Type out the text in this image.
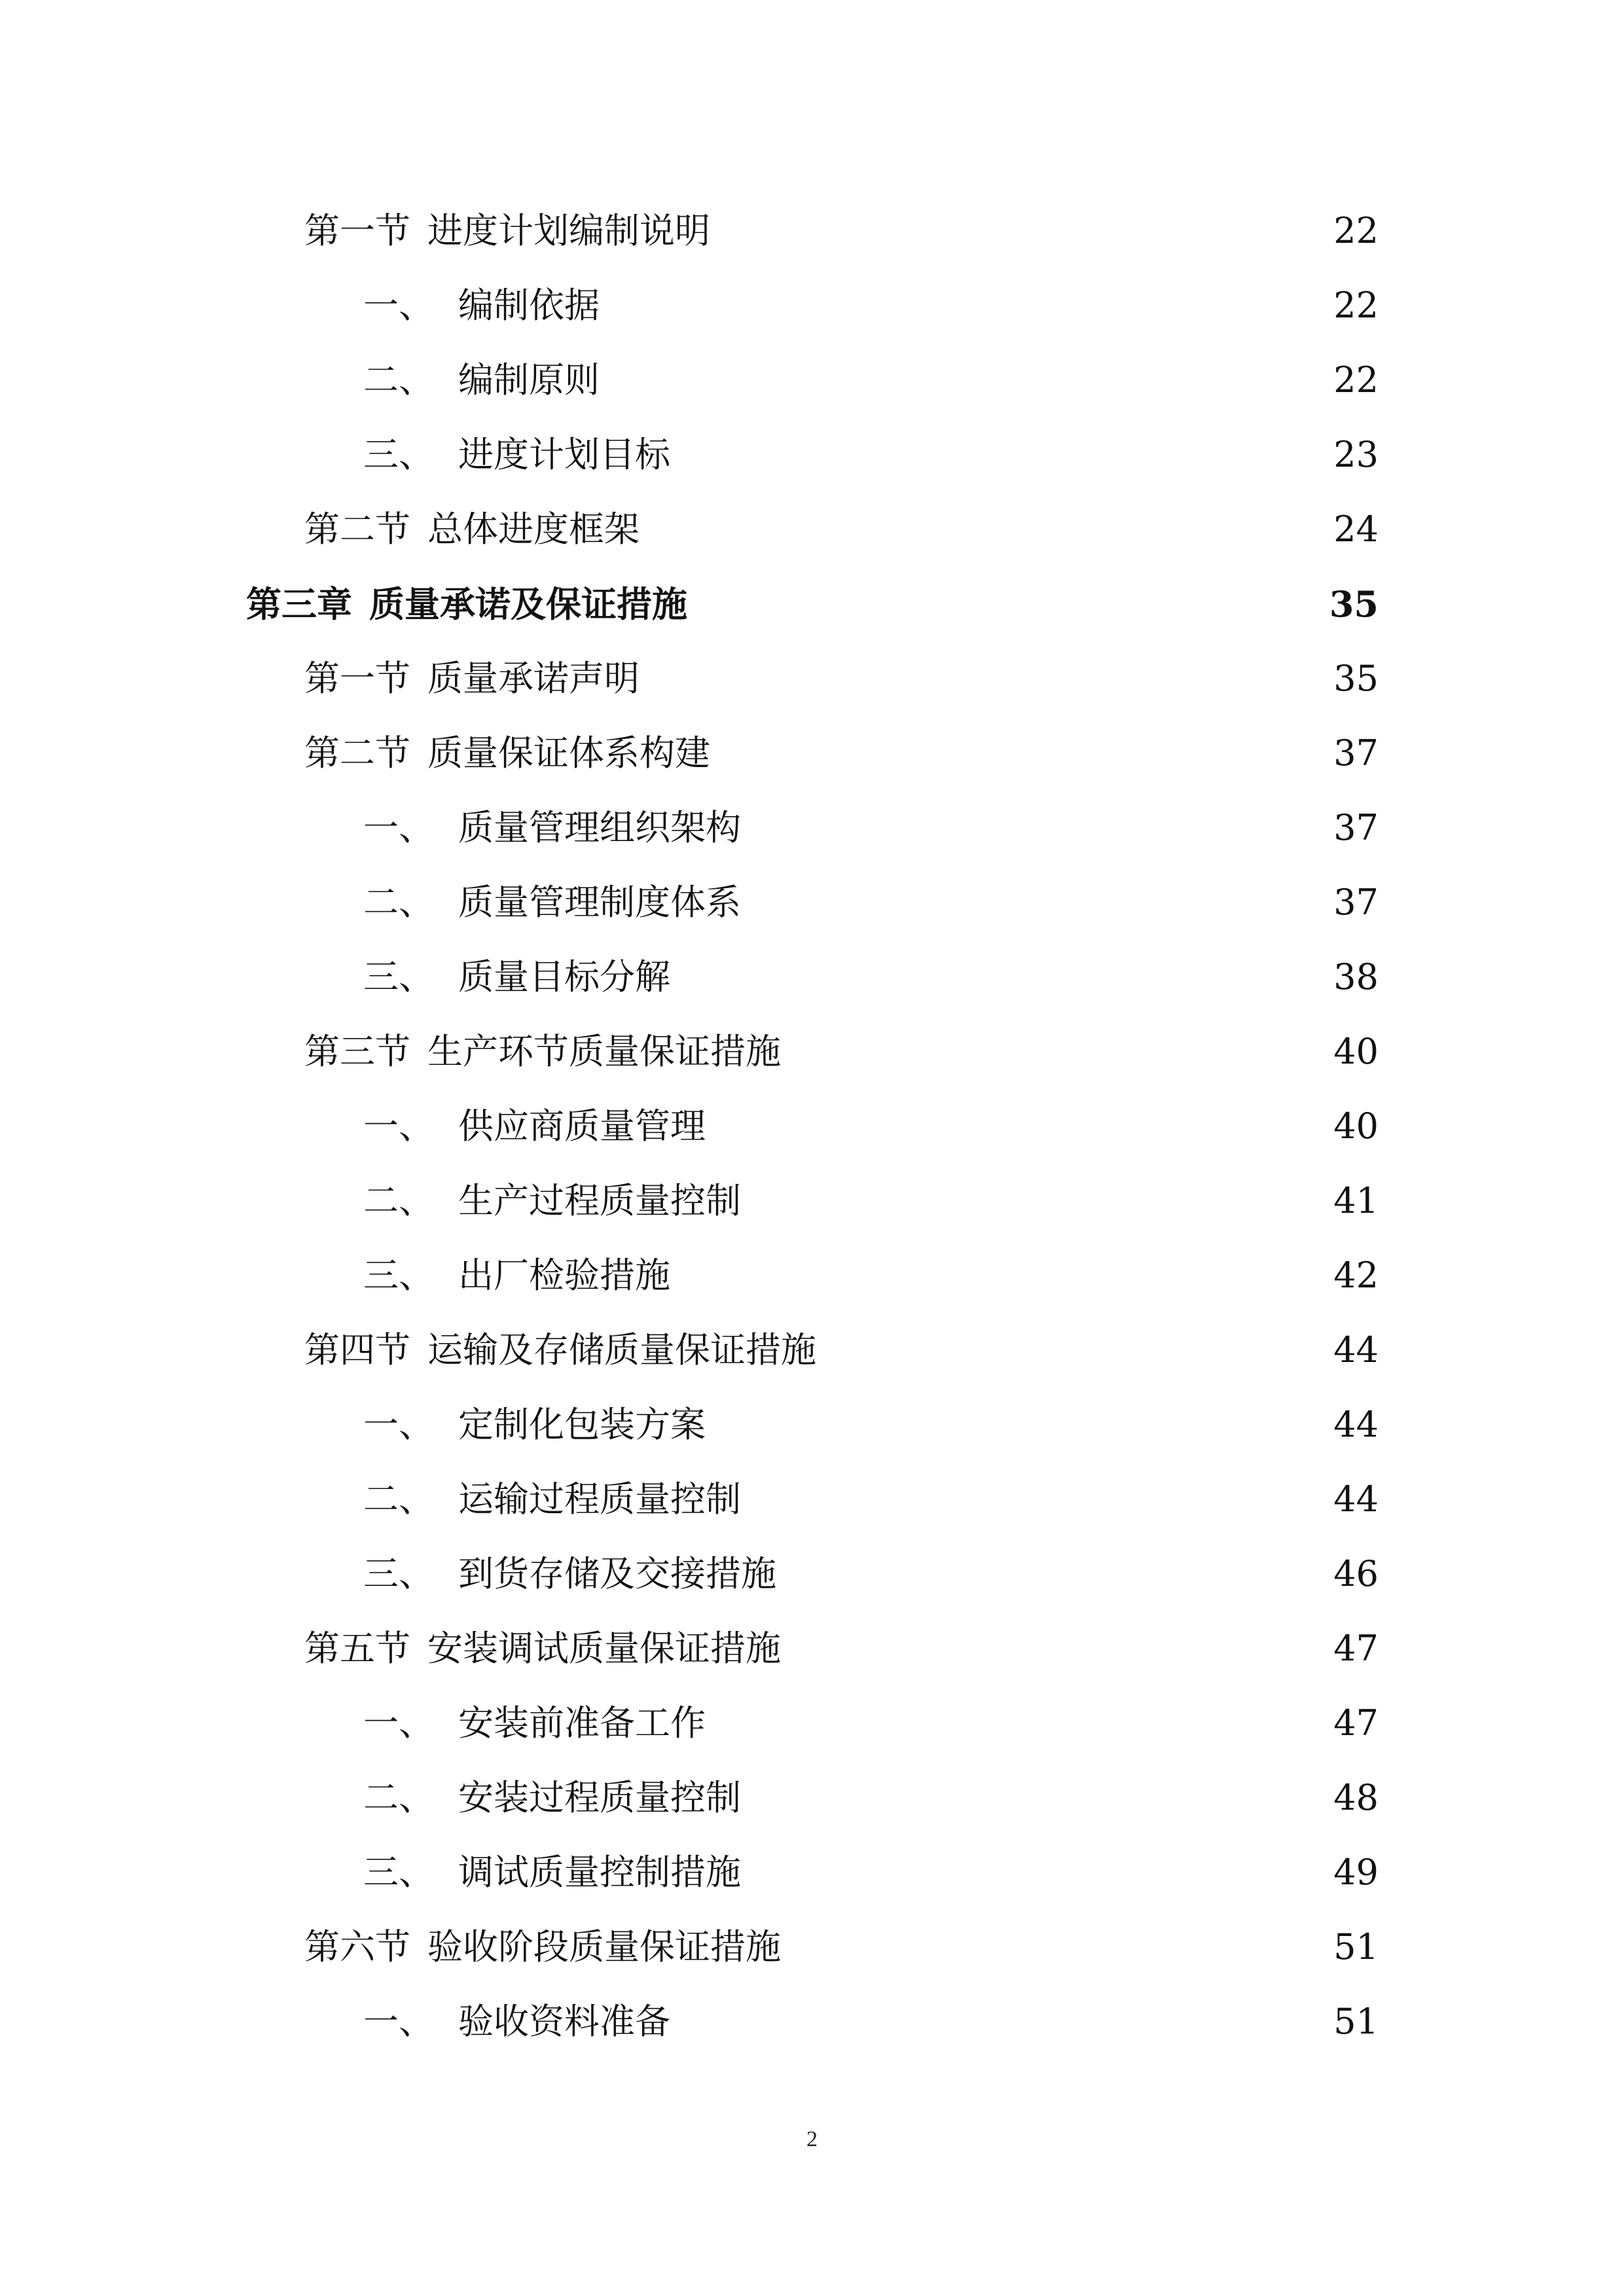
第一节 进度计划编制说明	22
一、 编制依据	22
二、 编制原则	22
三、 进度计划目标	23
第二节 总体进度框架	24
第三章 质量承诺及保证措施	35
第一节 质量承诺声明	35
第二节 质量保证体系构建	37
一、 质量管理组织架构	37
二、 质量管理制度体系	37
三、 质量目标分解	38
第三节 生产环节质量保证措施	40
一、 供应商质量管理	40
二、 生产过程质量控制	41
三、 出厂检验措施	42
第四节 运输及存储质量保证措施	44
一、 定制化包装方案	44
二、 运输过程质量控制	44
三、 到货存储及交接措施	46
第五节 安装调试质量保证措施	47
一、 安装前准备工作	47
二、 安装过程质量控制	48
三、 调试质量控制措施	49
第六节 验收阶段质量保证措施	51
一、 验收资料准备	51
2
